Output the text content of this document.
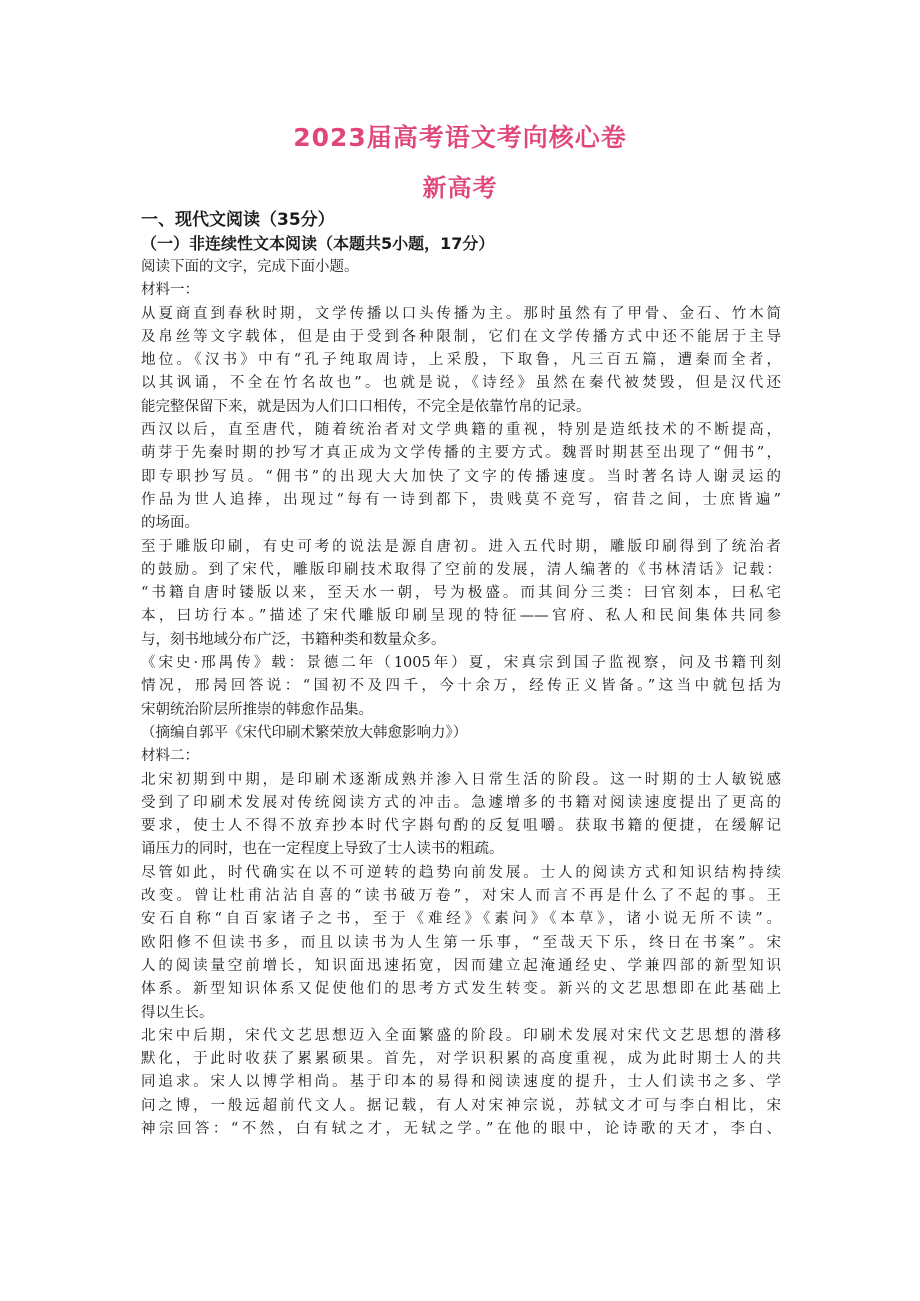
2023届高考语文考向核心卷
新高考
一、现代文阅读（35分）
（一）非连续性文本阅读（本题共5小题，17分）
阅读下面的文字，完成下面小题。
材料一：
从夏商直到春秋时期，文学传播以口头传播为主。那时虽然有了甲骨、金石、竹木简
及帛丝等文字载体，但是由于受到各种限制，它们在文学传播方式中还不能居于主导
地位。《汉书》中有“孔子纯取周诗，上采殷，下取鲁，凡三百五篇，遭秦而全者，
以其讽诵，不全在竹名故也”。也就是说，《诗经》虽然在秦代被焚毁，但是汉代还
能完整保留下来，就是因为人们口口相传，不完全是依靠竹帛的记录。
西汉以后，直至唐代，随着统治者对文学典籍的重视，特别是造纸技术的不断提高，
萌芽于先秦时期的抄写才真正成为文学传播的主要方式。魏晋时期甚至出现了“佣书”，
即专职抄写员。“佣书”的出现大大加快了文字的传播速度。当时著名诗人谢灵运的
作品为世人追捧，出现过“每有一诗到都下，贵贱莫不竞写，宿昔之间，士庶皆遍”
的场面。
至于雕版印刷，有史可考的说法是源自唐初。进入五代时期，雕版印刷得到了统治者
的鼓励。到了宋代，雕版印刷技术取得了空前的发展，清人编著的《书林清话》记载：
“书籍自唐时镂版以来，至天水一朝，号为极盛。而其间分三类：曰官刻本，曰私宅
本，曰坊行本。”描述了宋代雕版印刷呈现的特征——官府、私人和民间集体共同参
与，刻书地域分布广泛，书籍种类和数量众多。
《宋史·邢禺传》载：景德二年（1005年）夏，宋真宗到国子监视察，问及书籍刊刻
情况，邢昺回答说：“国初不及四千，今十余万，经传正义皆备。”这当中就包括为
宋朝统治阶层所推崇的韩愈作品集。
（摘编自郭平《宋代印刷术繁荣放大韩愈影响力》）
材料二：
北宋初期到中期，是印刷术逐渐成熟并渗入日常生活的阶段。这一时期的士人敏锐感
受到了印刷术发展对传统阅读方式的冲击。急遽增多的书籍对阅读速度提出了更高的
要求，使士人不得不放弃抄本时代字斟句酌的反复咀嚼。获取书籍的便捷，在缓解记
诵压力的同时，也在一定程度上导致了士人读书的粗疏。
尽管如此，时代确实在以不可逆转的趋势向前发展。士人的阅读方式和知识结构持续
改变。曾让杜甫沾沾自喜的“读书破万卷”，对宋人而言不再是什么了不起的事。王
安石自称“自百家诸子之书，至于《难经》《素问》《本草》，诸小说无所不读”。
欧阳修不但读书多，而且以读书为人生第一乐事，“至哉天下乐，终日在书案”。宋
人的阅读量空前增长，知识面迅速拓宽，因而建立起淹通经史、学兼四部的新型知识
体系。新型知识体系又促使他们的思考方式发生转变。新兴的文艺思想即在此基础上
得以生长。
北宋中后期，宋代文艺思想迈入全面繁盛的阶段。印刷术发展对宋代文艺思想的潜移
默化，于此时收获了累累硕果。首先，对学识积累的高度重视，成为此时期士人的共
同追求。宋人以博学相尚。基于印本的易得和阅读速度的提升，士人们读书之多、学
问之博，一般远超前代文人。据记载，有人对宋神宗说，苏轼文才可与李白相比，宋
神宗回答：“不然，白有轼之才，无轼之学。”在他的眼中，论诗歌的天才，李白、
